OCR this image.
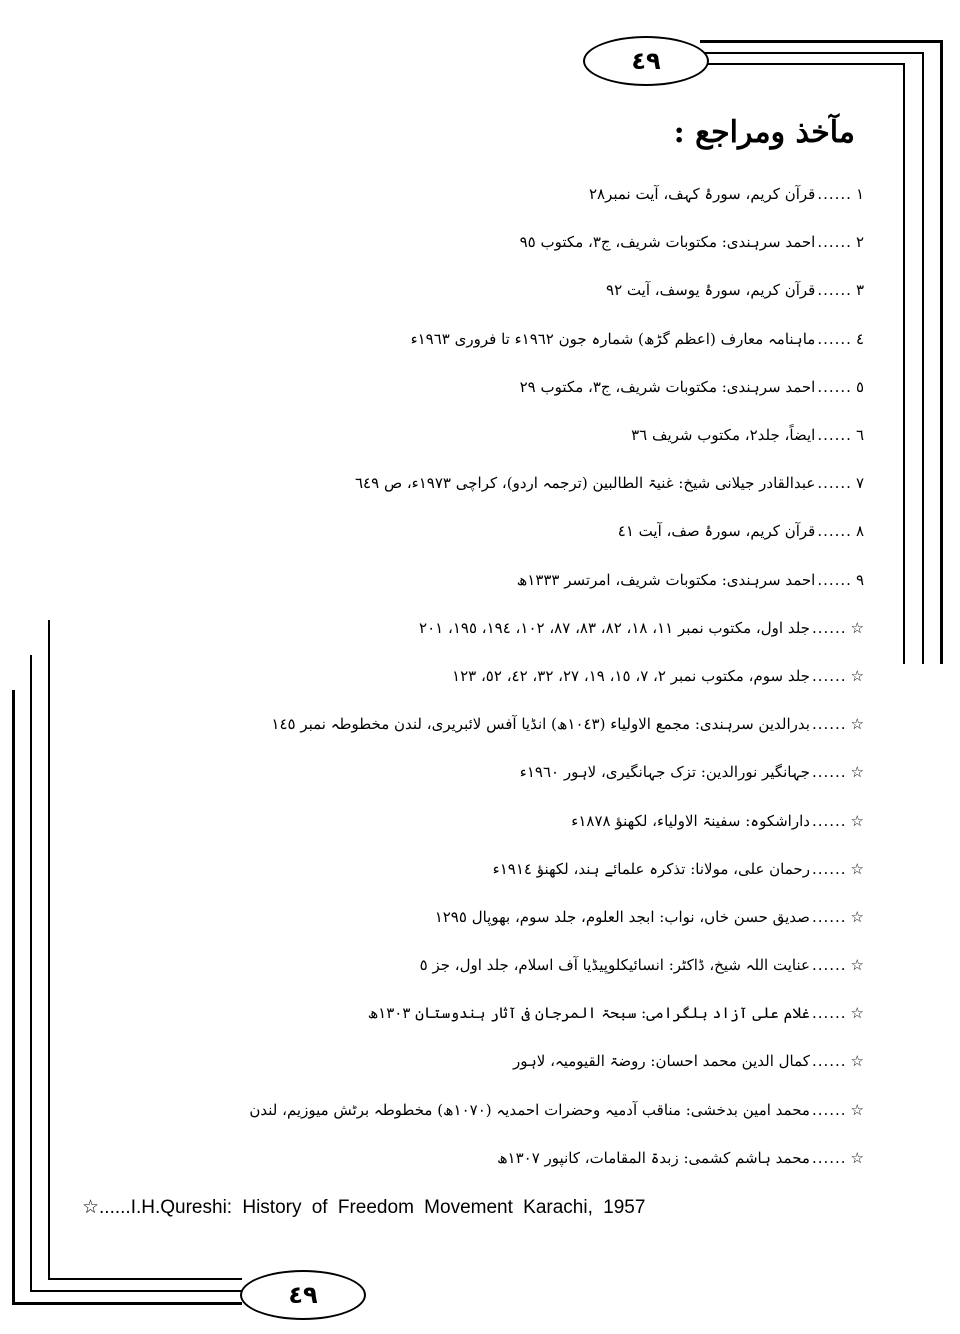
٤٩
٤٩
مآخذ ومراجع :
١
......
قرآن کریم، سورۂ کہف، آیت نمبر٢٨
٢
......
احمد سرہندی: مکتوبات شریف، ج٣، مکتوب ٩٥
٣
......
قرآن کریم، سورۂ یوسف، آیت ٩٢
٤
......
ماہنامہ معارف (اعظم گڑھ) شمارہ جون ١٩٦٢ء تا فروری ١٩٦٣ء
٥
......
احمد سرہندی: مکتوبات شریف، ج٣، مکتوب ٢٩
٦
......
ایضاً، جلد٢، مکتوب شریف ٣٦
٧
......
عبدالقادر جیلانی شیخ: غنیۃ الطالبین (ترجمہ اردو)، کراچی ١٩٧٣ء، ص ٦٤٩
٨
......
قرآن کریم، سورۂ صف، آیت ٤١
٩
......
احمد سرہندی: مکتوبات شریف، امرتسر ١٣٣٣ھ
☆
......
جلد اول، مکتوب نمبر ١١، ١٨، ٨٢، ٨٣، ٨٧، ١٠٢، ١٩٤، ١٩٥، ٢٠١
☆
......
جلد سوم، مکتوب نمبر ٢، ٧، ١٥، ١٩، ٢٧، ٣٢، ٤٢، ٥٢، ١٢٣
☆
......
بدرالدین سرہندی: مجمع الاولیاء (١٠٤٣ھ) انڈیا آفس لائبریری، لندن مخطوطہ نمبر ١٤٥
☆
......
جہانگیر نورالدین: تزک جہانگیری، لاہور ١٩٦٠ء
☆
......
داراشکوہ: سفینۃ الاولیاء، لکھنؤ ١٨٧٨ء
☆
......
رحمان علی، مولانا: تذکرہ علمائے ہند، لکھنؤ ١٩١٤ء
☆
......
صدیق حسن خاں، نواب: ابجد العلوم، جلد سوم، بھوپال ١٢٩٥
☆
......
عنایت اللہ شیخ، ڈاکٹر: انسائیکلوپیڈیا آف اسلام، جلد اول، جز ٥
☆
......
غلام علی آزاد بلگرامی: سبحۃ المرجان فی آثار ہندوستان ١٣٠٣ھ
☆
......
کمال الدین محمد احسان: روضۃ القیومیہ، لاہور
☆
......
محمد امین بدخشی: مناقب آدمیہ وحضرات احمدیہ (١٠٧٠ھ) مخطوطہ برٹش میوزیم، لندن
☆
......
محمد ہاشم کشمی: زبدۃ المقامات، کانپور ١٣٠٧ھ
☆......I.H.Qureshi: History of Freedom Movement Karachi, 1957
